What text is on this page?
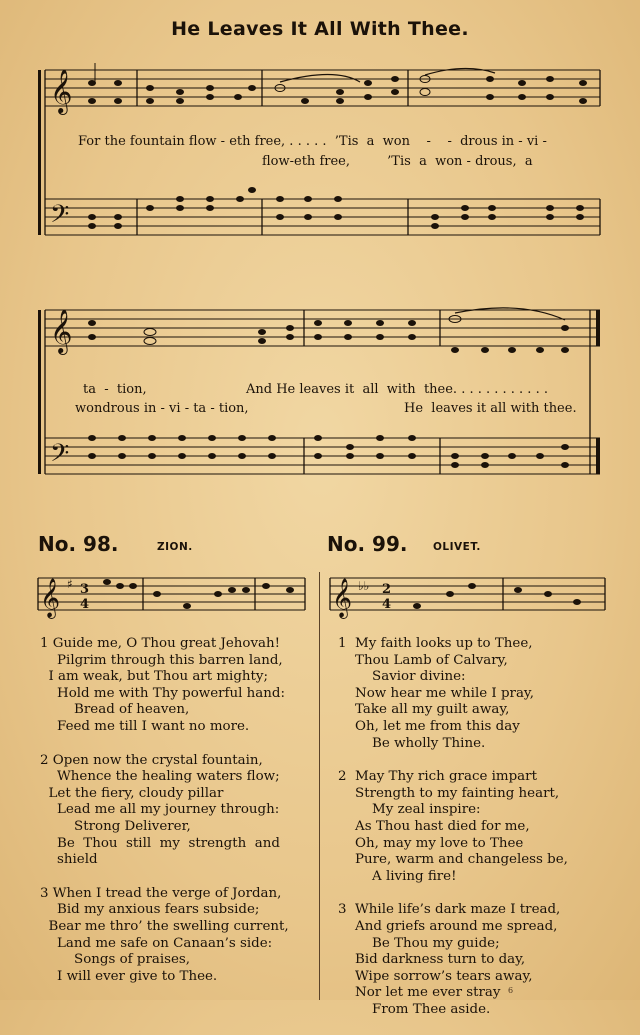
He Leaves It All With Thee.
𝄞
𝄢
For the fountain flow - eth free, . . . . .  ’Tis  a  won    -    -  drous in - vi -
flow-eth free,         ’Tis  a  won - drous,  a
𝄞
𝄢
ta  -  tion,	And He leaves it  all  with  thee. . . . . . . . . . . .
wondrous in - vi - ta - tion,	He  leaves it all with thee.
No. 98.	ZION.
𝄞 ♯ 3
4
1 Guide me, O Thou great Jehovah!
Pilgrim through this barren land,
I am weak, but Thou art mighty;
Hold me with Thy powerful hand:
Bread of heaven,
Feed me till I want no more.
2 Open now the crystal fountain,
Whence the healing waters flow;
Let the fiery, cloudy pillar
Lead me all my journey through:
Strong Deliverer,
Be  Thou  still  my  strength  and
shield
3 When I tread the verge of Jordan,
Bid my anxious fears subside;
Bear me thro’ the swelling current,
Land me safe on Canaan’s side:
Songs of praises,
I will ever give to Thee.
No. 99. OLIVET.
𝄞 ♭♭ 2
4
1  My faith looks up to Thee,
Thou Lamb of Calvary,
Savior divine:
Now hear me while I pray,
Take all my guilt away,
Oh, let me from this day
Be wholly Thine.
2  May Thy rich grace impart
Strength to my fainting heart,
My zeal inspire:
As Thou hast died for me,
Oh, may my love to Thee
Pure, warm and changeless be,
A living fire!
3  While life’s dark maze I tread,
And griefs around me spread,
Be Thou my guide;
Bid darkness turn to day,
Wipe sorrow’s tears away,
Nor let me ever stray
From Thee aside.
6
